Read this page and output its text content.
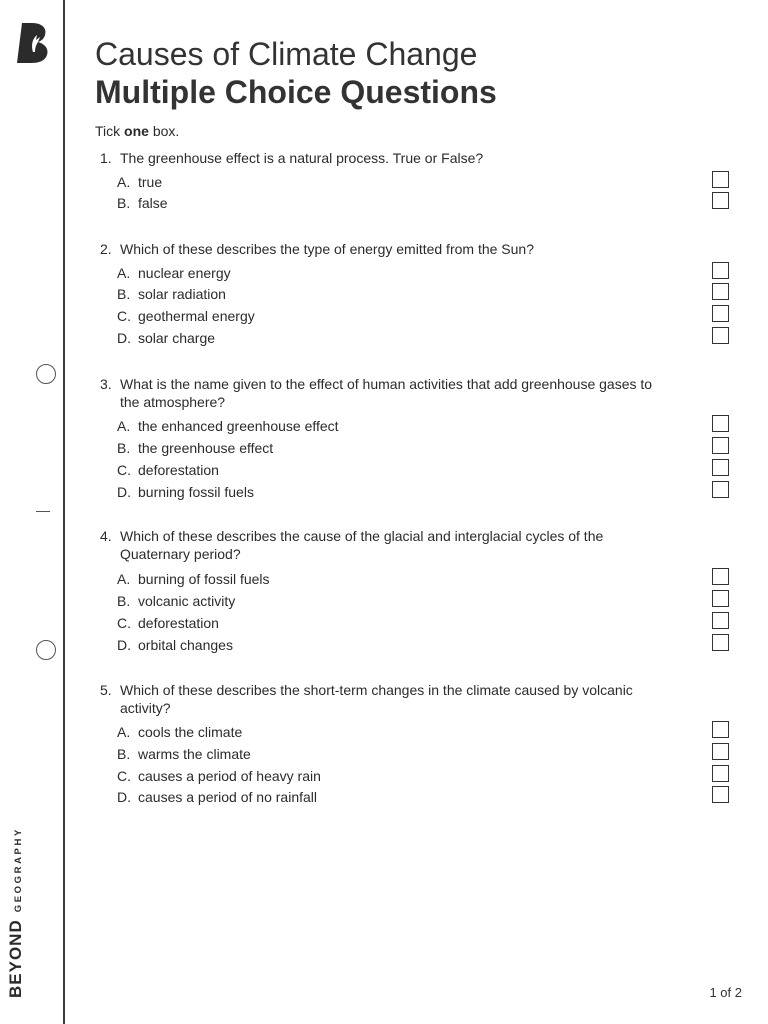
BEYONDGEOGRAPHY
Causes of Climate Change
Multiple Choice Questions
Tick one box.
1. The greenhouse effect is a natural process. True or False?
A. true
B. false
2. Which of these describes the type of energy emitted from the Sun?
A. nuclear energy
B. solar radiation
C. geothermal energy
D. solar charge
3. What is the name given to the effect of human activities that add greenhouse gases to the atmosphere?
A. the enhanced greenhouse effect
B. the greenhouse effect
C. deforestation
D. burning fossil fuels
4. Which of these describes the cause of the glacial and interglacial cycles of the Quaternary period?
A. burning of fossil fuels
B. volcanic activity
C. deforestation
D. orbital changes
5. Which of these describes the short-term changes in the climate caused by volcanic activity?
A. cools the climate
B. warms the climate
C. causes a period of heavy rain
D. causes a period of no rainfall
1 of 2
